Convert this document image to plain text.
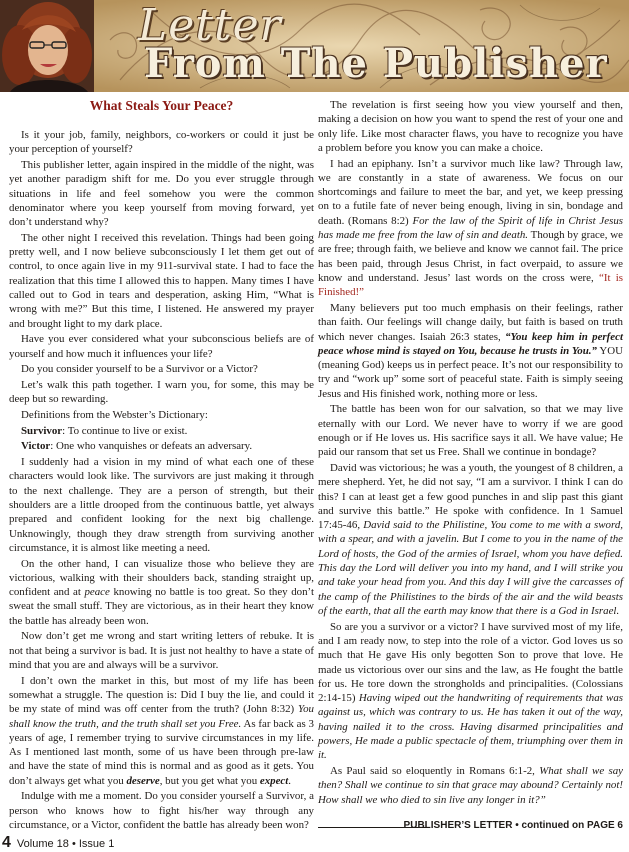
Letter
From The Publisher
What Steals Your Peace?

Is it your job, family, neighbors, co-workers or could it just be your perception of yourself?

This publisher letter, again inspired in the middle of the night, was yet another paradigm shift for me. Do you ever struggle through situations in life and feel somehow you were the common denominator where you keep yourself from moving forward, yet don’t understand why?

The other night I received this revelation. Things had been going pretty well, and I now believe subconsciously I let them get out of control, to once again live in my 911-survival state. I had to face the realization that this time I allowed this to happen. Many times I have called out to God in tears and desperation, asking Him, “What is wrong with me?” But this time, I listened. He answered my prayer and brought light to my dark place.

Have you ever considered what your subconscious beliefs are of yourself and how much it influences your life?

Do you consider yourself to be a Survivor or a Victor?

Let’s walk this path together. I warn you, for some, this may be deep but so rewarding.

Definitions from the Webster’s Dictionary:

Survivor: To continue to live or exist.

Victor: One who vanquishes or defeats an adversary.

I suddenly had a vision in my mind of what each one of these characters would look like. The survivors are just making it through to the next challenge. They are a person of strength, but their shoulders are a little drooped from the continuous battle, yet always prepared and confident looking for the next big challenge. Unknowingly, though they draw strength from surviving another circumstance, it is almost like meeting a need.

On the other hand, I can visualize those who believe they are victorious, walking with their shoulders back, standing straight up, confident and at peace knowing no battle is too great. So they don’t sweat the small stuff. They are victorious, as in their heart they know the battle has already been won.

Now don’t get me wrong and start writing letters of rebuke. It is not that being a survivor is bad. It is just not healthy to have a state of mind that you are and always will be a survivor.

I don’t own the market in this, but most of my life has been somewhat a struggle. The question is: Did I buy the lie, and could it be my state of mind was off center from the truth? (John 8:32) You shall know the truth, and the truth shall set you Free. As far back as 3 years of age, I remember trying to survive circumstances in my life. As I mentioned last month, some of us have been through pre-law and have the state of mind this is normal and as good as it gets. You don’t always get what you deserve, but you get what you expect.

Indulge with me a moment. Do you consider yourself a Survivor, a person who knows how to fight his/her way through any circumstance, or a Victor, confident the battle has already been won?

The revelation is first seeing how you view yourself and then, making a decision on how you want to spend the rest of your one and only life. Like most character flaws, you have to recognize you have a problem before you know you can make a choice.

I had an epiphany. Isn’t a survivor much like law? Through law, we are constantly in a state of awareness. We focus on our shortcomings and failure to meet the bar, and yet, we keep pressing on to a futile fate of never being enough, living in sin, bondage and death. (Romans 8:2) For the law of the Spirit of life in Christ Jesus has made me free from the law of sin and death. Though by grace, we are free; through faith, we believe and know we cannot fail. The price has been paid, through Jesus Christ, in fact overpaid, to assure we know and understand. Jesus’ last words on the cross were, “It is Finished!”

Many believers put too much emphasis on their feelings, rather than faith. Our feelings will change daily, but faith is based on truth which never changes. Isaiah 26:3 states, “You keep him in perfect peace whose mind is stayed on You, because he trusts in You.” YOU (meaning God) keeps us in perfect peace. It’s not our responsibility to try and “work up” some sort of peaceful state. Faith is simply seeing Jesus and His finished work, nothing more or less.

The battle has been won for our salvation, so that we may live eternally with our Lord. We never have to worry if we are good enough or if He loves us. His sacrifice says it all. We have value; He paid our ransom that set us Free. Shall we continue in bondage?

David was victorious; he was a youth, the youngest of 8 children, a mere shepherd. Yet, he did not say, “I am a survivor. I think I can do this? I can at least get a few good punches in and slip past this giant and survive this battle.” He spoke with confidence. In 1 Samuel 17:45-46, David said to the Philistine, You come to me with a sword, with a spear, and with a javelin. But I come to you in the name of the Lord of hosts, the God of the armies of Israel, whom you have defied. This day the Lord will deliver you into my hand, and I will strike you and take your head from you. And this day I will give the carcasses of the camp of the Philistines to the birds of the air and the wild beasts of the earth, that all the earth may know that there is a God in Israel.

So are you a survivor or a victor? I have survived most of my life, and I am ready now, to step into the role of a victor. God loves us so much that He gave His only begotten Son to prove that love. He made us victorious over our sins and the law, as He fought the battle for us. He tore down the strongholds and principalities. (Colossians 2:14-15) Having wiped out the handwriting of requirements that was against us, which was contrary to us. He has taken it out of the way, having nailed it to the cross. Having disarmed principalities and powers, He made a public spectacle of them, triumphing over them in it.

As Paul said so eloquently in Romans 6:1-2, What shall we say then? Shall we continue to sin that grace may abound? Certainly not! How shall we who died to sin live any longer in it?”

PUBLISHER’S LETTER • continued on PAGE 6
4 Volume 18 • Issue 1
